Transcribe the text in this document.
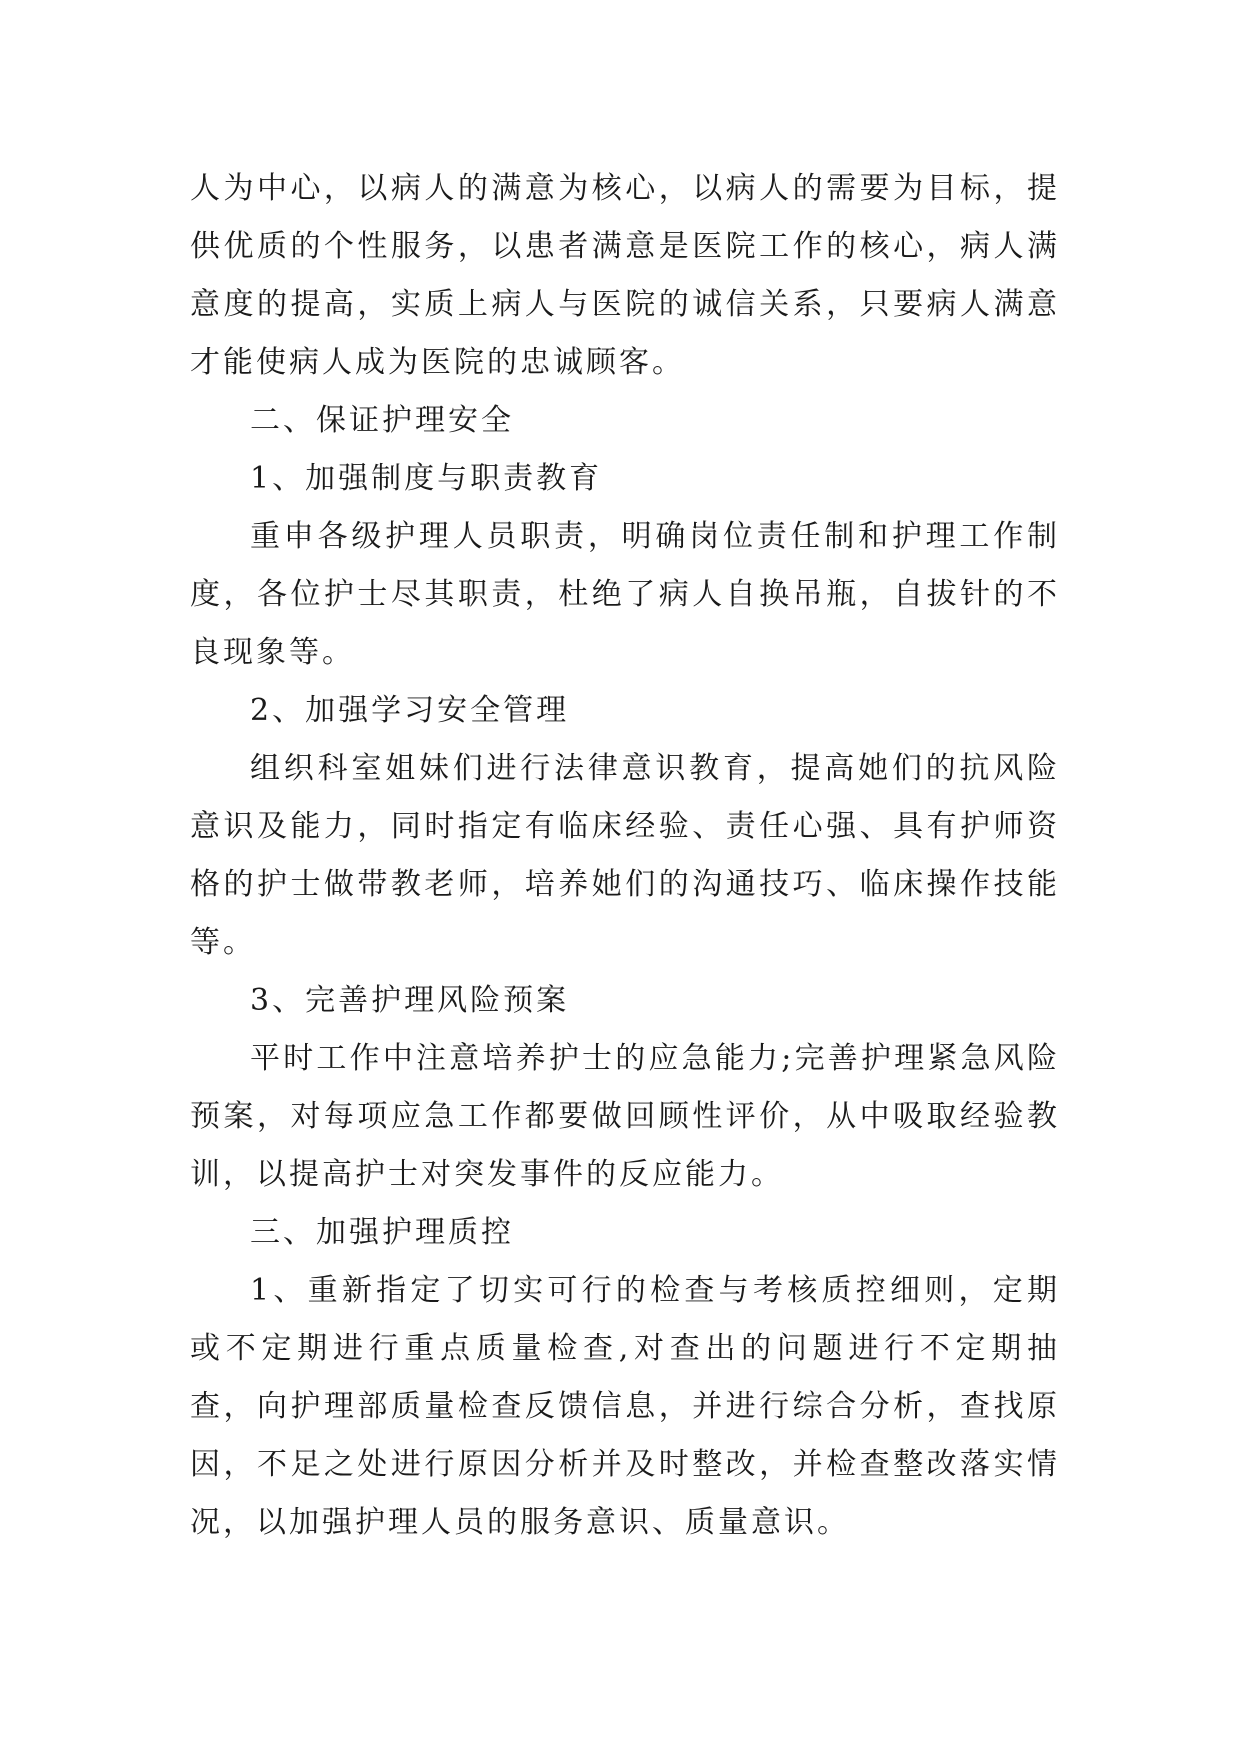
人为中心，以病人的满意为核心，以病人的需要为目标，提供优质的个性服务，以患者满意是医院工作的核心，病人满意度的提高，实质上病人与医院的诚信关系，只要病人满意才能使病人成为医院的忠诚顾客。

二、保证护理安全

1、加强制度与职责教育

重申各级护理人员职责，明确岗位责任制和护理工作制度，各位护士尽其职责，杜绝了病人自换吊瓶，自拔针的不良现象等。

2、加强学习安全管理

组织科室姐妹们进行法律意识教育，提高她们的抗风险意识及能力，同时指定有临床经验、责任心强、具有护师资格的护士做带教老师，培养她们的沟通技巧、临床操作技能等。

3、完善护理风险预案

平时工作中注意培养护士的应急能力;完善护理紧急风险预案，对每项应急工作都要做回顾性评价，从中吸取经验教训，以提高护士对突发事件的反应能力。

三、加强护理质控

1、重新指定了切实可行的检查与考核质控细则，定期或不定期进行重点质量检查,对查出的问题进行不定期抽查，向护理部质量检查反馈信息，并进行综合分析，查找原因，不足之处进行原因分析并及时整改，并检查整改落实情况，以加强护理人员的服务意识、质量意识。
